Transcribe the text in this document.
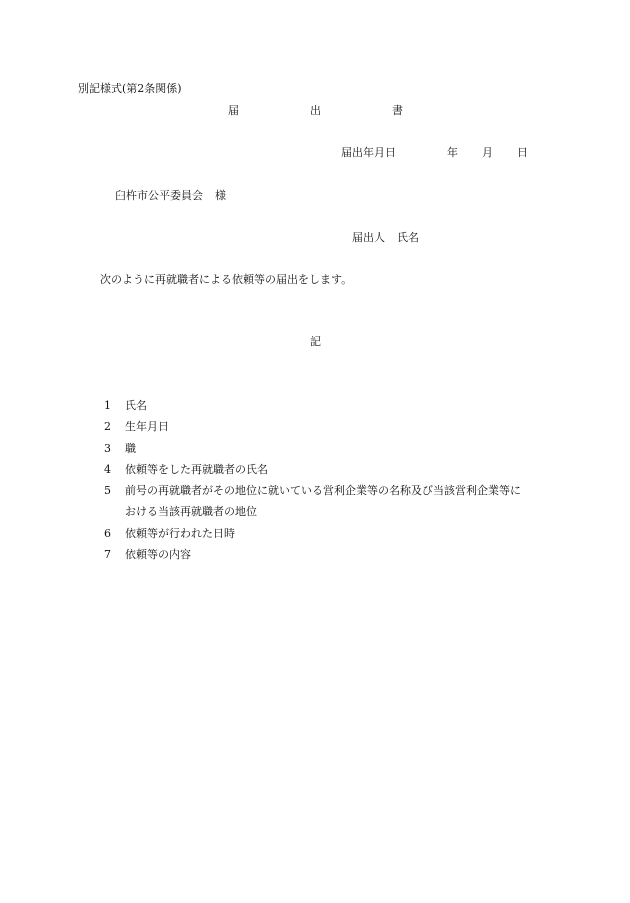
別記様式(第2条関係)
届	出	書
届出年月日	年 月 日
臼杵市公平委員会 様
届出人 氏名
次のように再就職者による依頼等の届出をします。
記
1	氏名
2	生年月日
3	職
4	依頼等をした再就職者の氏名
5	前号の再就職者がその地位に就いている営利企業等の名称及び当該営利企業等に
おける当該再就職者の地位
6	依頼等が行われた日時
7	依頼等の内容
